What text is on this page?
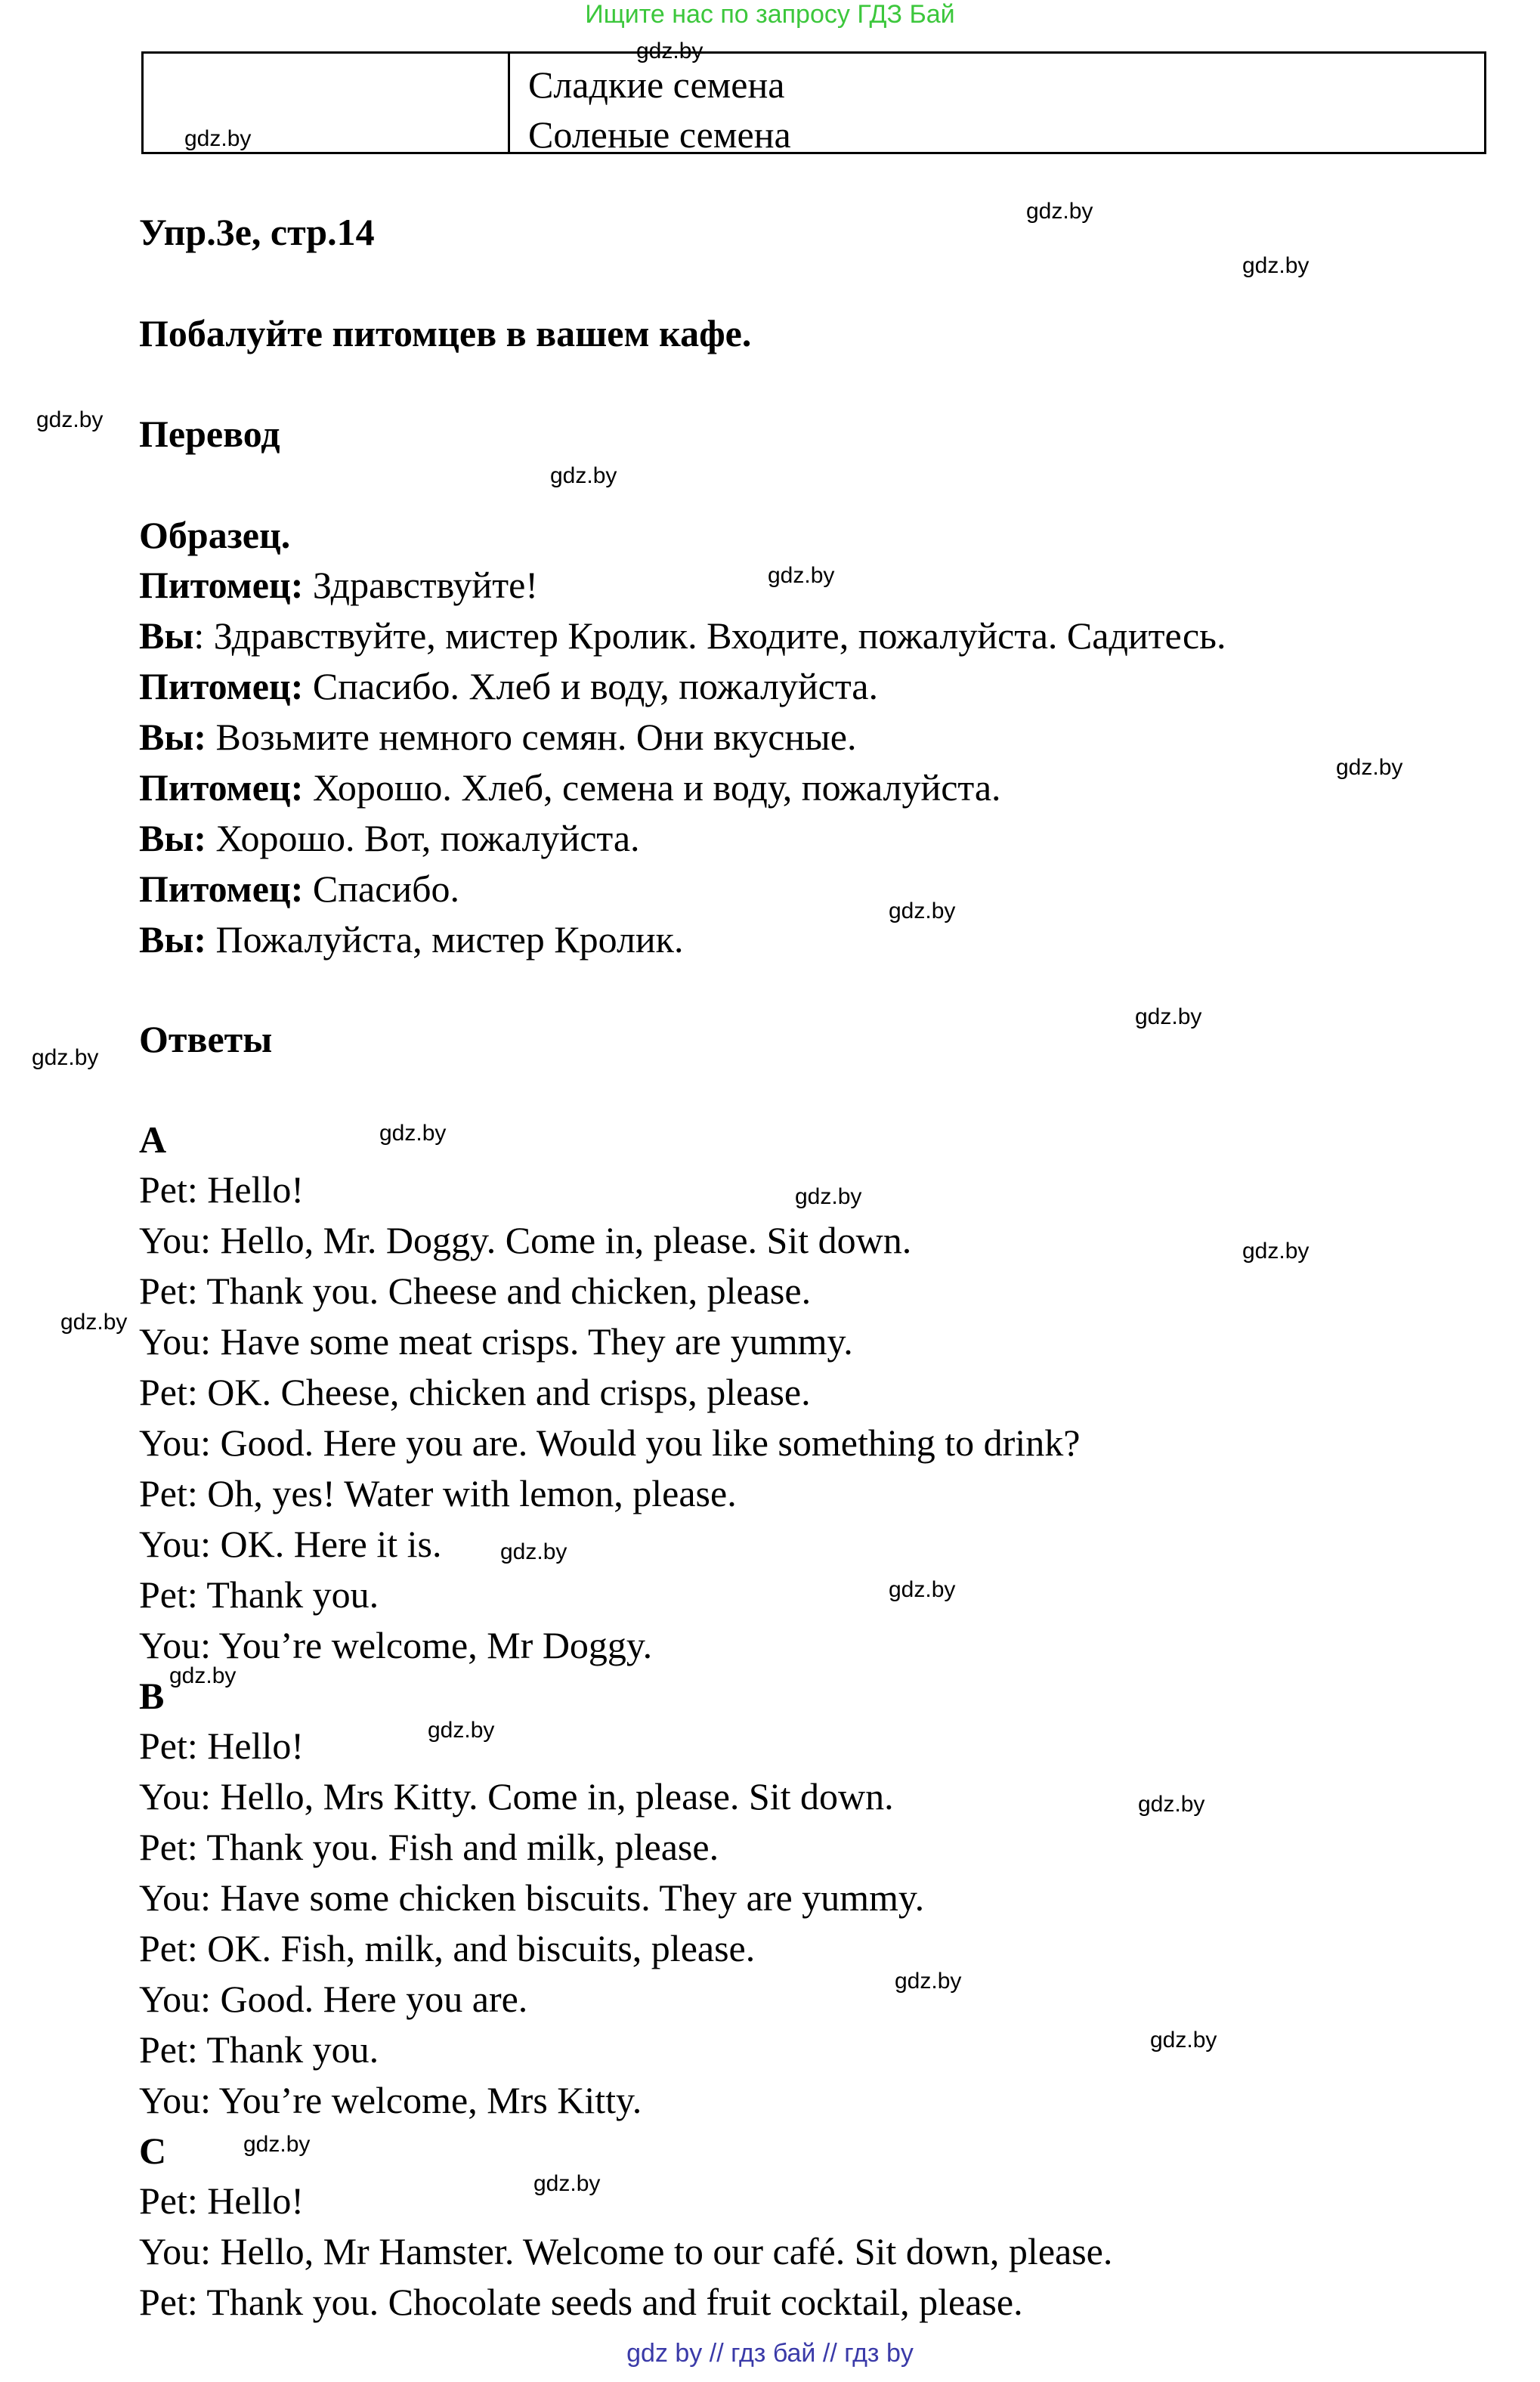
Ищите нас по запросу ГДЗ Бай
Сладкие семена
Соленые семена

Упр.3е, стр.14

Побалуйте питомцев в вашем кафе.

Перевод

Образец.

Питомец: Здравствуйте!

Вы: Здравствуйте, мистер Кролик. Входите, пожалуйста. Садитесь.

Питомец: Спасибо. Хлеб и воду, пожалуйста.

Вы: Возьмите немного семян. Они вкусные.

Питомец: Хорошо. Хлеб, семена и воду, пожалуйста.

Вы: Хорошо. Вот, пожалуйста.

Питомец: Спасибо.

Вы: Пожалуйста, мистер Кролик.

Ответы

A

Pet: Hello!

You: Hello, Mr. Doggy. Come in, please. Sit down.

Pet: Thank you. Cheese and chicken, please.

You: Have some meat crisps. They are yummy.

Pet: OK. Cheese, chicken and crisps, please.

You: Good. Here you are. Would you like something to drink?

Pet: Oh, yes! Water with lemon, please.

You: OK. Here it is.

Pet: Thank you.

You: You’re welcome, Mr Doggy.

B

Pet: Hello!

You: Hello, Mrs Kitty. Come in, please. Sit down.

Pet: Thank you. Fish and milk, please.

You: Have some chicken biscuits. They are yummy.

Pet: OK. Fish, milk, and biscuits, please.

You: Good. Here you are.

Pet: Thank you.

You: You’re welcome, Mrs Kitty.

C

Pet: Hello!

You: Hello, Mr Hamster. Welcome to our café. Sit down, please.

Pet: Thank you. Chocolate seeds and fruit cocktail, please.

gdz.by
gdz.by
gdz.by
gdz.by
gdz.by
gdz.by
gdz.by
gdz.by
gdz.by
gdz.by
gdz.by
gdz.by
gdz.by
gdz.by
gdz.by
gdz.by
gdz.by
gdz.by
gdz.by
gdz.by
gdz.by
gdz.by
gdz.by
gdz.by
gdz by // гдз бай // гдз by
